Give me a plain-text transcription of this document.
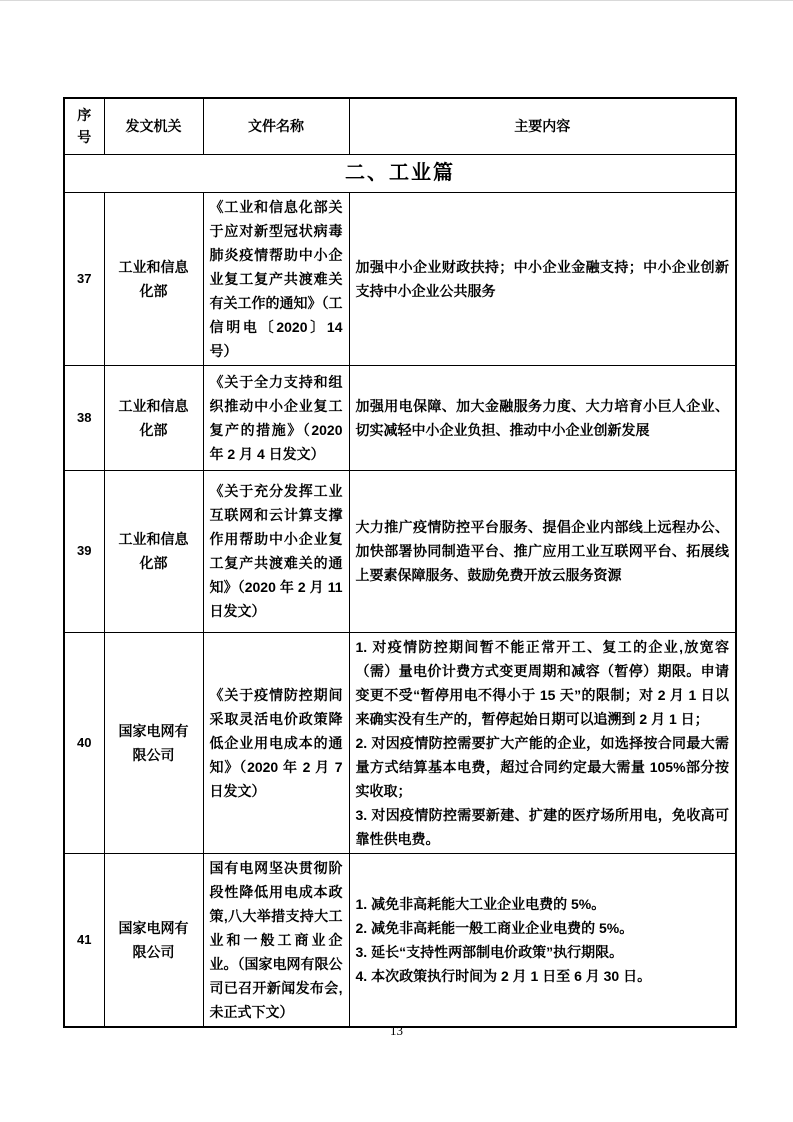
序号	发文机关	文件名称	主要内容
二、工业篇			
37	工业和信息化部	《工业和信息化部关于应对新型冠状病毒肺炎疫情帮助中小企业复工复产共渡难关有关工作的通知》（工信明电〔2020〕14 号）	加强中小企业财政扶持；中小企业金融支持；中小企业创新支持中小企业公共服务

38	工业和信息化部	《关于全力支持和组织推动中小企业复工复产的措施》（2020 年 2 月 4 日发文）	加强用电保障、加大金融服务力度、大力培育小巨人企业、切实减轻中小企业负担、推动中小企业创新发展

39	工业和信息化部	《关于充分发挥工业互联网和云计算支撑作用帮助中小企业复工复产共渡难关的通知》（2020 年 2 月 11 日发文）	大力推广疫情防控平台服务、提倡企业内部线上远程办公、加快部署协同制造平台、推广应用工业互联网平台、拓展线上要素保障服务、鼓励免费开放云服务资源

40	国家电网有限公司	《关于疫情防控期间采取灵活电价政策降低企业用电成本的通知》（2020 年 2 月 7 日发文）	1. 对疫情防控期间暂不能正常开工、复工的企业,放宽容（需）量电价计费方式变更周期和减容（暂停）期限。申请变更不受“暂停用电不得小于 15 天”的限制；对 2 月 1 日以来确实没有生产的，暂停起始日期可以追溯到 2 月 1 日；

2. 对因疫情防控需要扩大产能的企业，如选择按合同最大需量方式结算基本电费，超过合同约定最大需量 105%部分按实收取；

3. 对因疫情防控需要新建、扩建的医疗场所用电，免收高可靠性供电费。

41	国家电网有限公司	国有电网坚决贯彻阶段性降低用电成本政策,八大举措支持大工业和一般工商业企业。（国家电网有限公司已召开新闻发布会,未正式下文）	1. 减免非高耗能大工业企业电费的 5%。

2. 减免非高耗能一般工商业企业电费的 5%。

3. 延长“支持性两部制电价政策”执行期限。

4. 本次政策执行时间为 2 月 1 日至 6 月 30 日。

13
